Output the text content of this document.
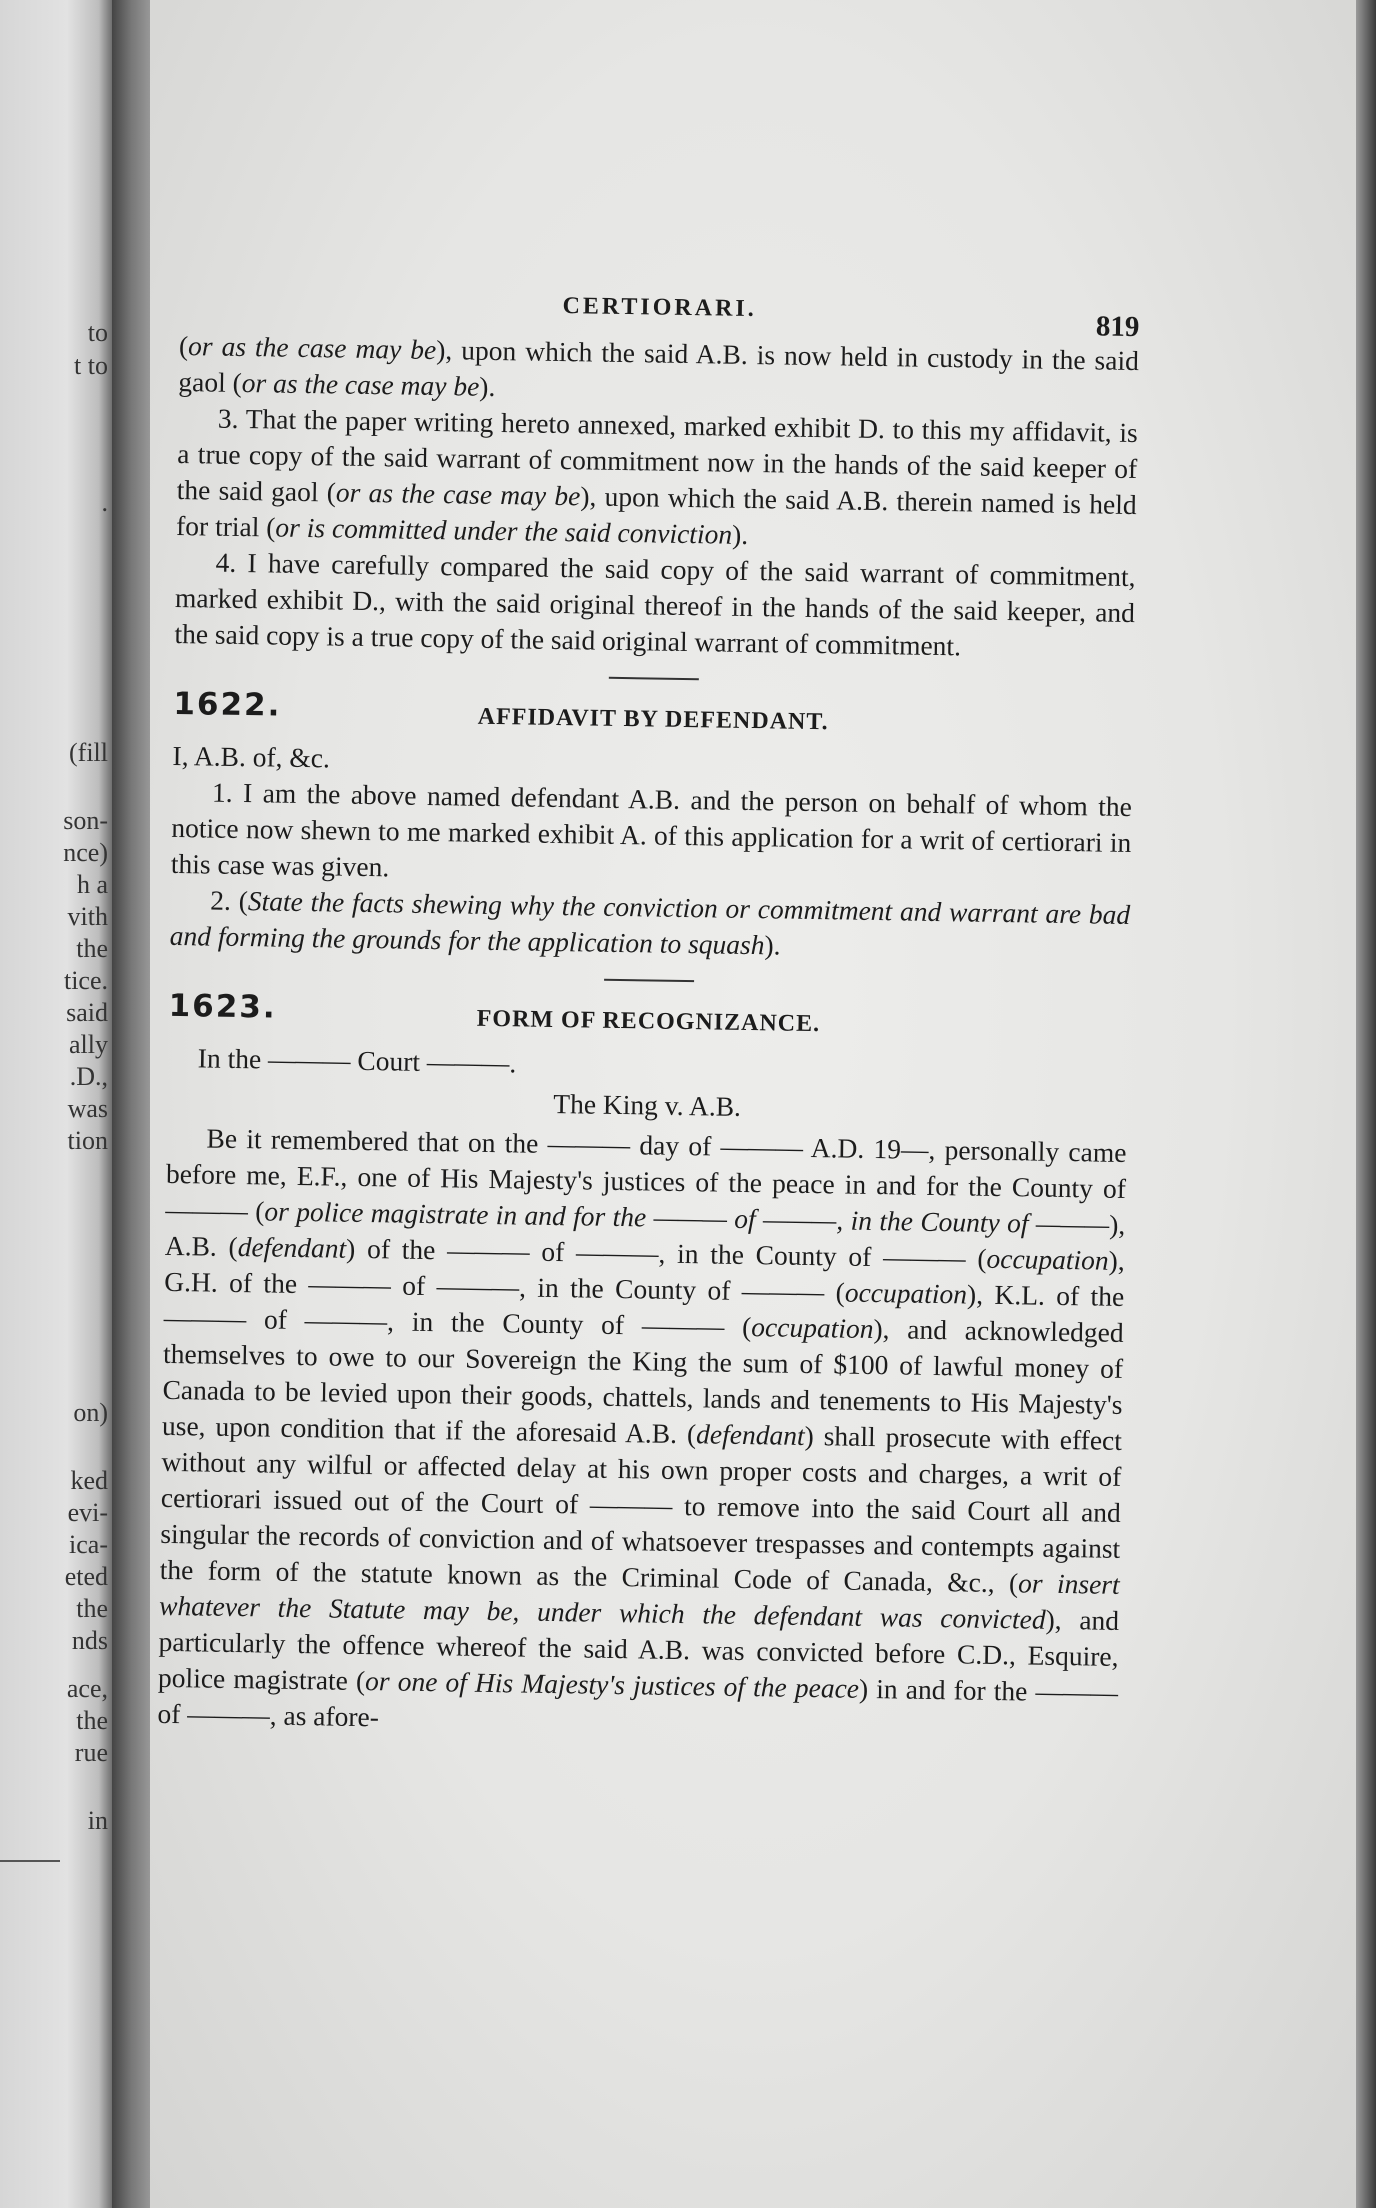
to
t to
.
(fill
son-
nce)
h a
vith
the
tice.
said
ally
.D.,
was
tion
on)
ked
evi-
ica-
eted
the
nds
ace,
the
rue
in
CERTIORARI.
819

(or as the case may be), upon which the said A.B. is now held in custody in the said gaol (or as the case may be).

3. That the paper writing hereto annexed, marked exhibit D. to this my affidavit, is a true copy of the said warrant of commitment now in the hands of the said keeper of the said gaol (or as the case may be), upon which the said A.B. therein named is held for trial (or is committed under the said conviction).

4. I have carefully compared the said copy of the said warrant of commitment, marked exhibit D., with the said original thereof in the hands of the said keeper, and the said copy is a true copy of the said original warrant of commitment.

1622.	AFFIDAVIT BY DEFENDANT.

I, A.B. of, &c.

1. I am the above named defendant A.B. and the person on behalf of whom the notice now shewn to me marked exhibit A. of this application for a writ of certiorari in this case was given.

2. (State the facts shewing why the conviction or commitment and warrant are bad and forming the grounds for the application to squash).

1623.	FORM OF RECOGNIZANCE.

In the ——— Court ———.

The King v. A.B.

Be it remembered that on the ——— day of ——— A.D. 19—, personally came before me, E.F., one of His Majesty's justices of the peace in and for the County of ——— (or police magistrate in and for the ——— of ———, in the County of ———), A.B. (defendant) of the ——— of ———, in the County of ——— (occupation), G.H. of the ——— of ———, in the County of ——— (occupation), K.L. of the ——— of ———, in the County of ——— (occupation), and acknowledged themselves to owe to our Sovereign the King the sum of $100 of lawful money of Canada to be levied upon their goods, chattels, lands and tenements to His Majesty's use, upon condition that if the aforesaid A.B. (defendant) shall prosecute with effect without any wilful or affected delay at his own proper costs and charges, a writ of certiorari issued out of the Court of ——— to remove into the said Court all and singular the records of conviction and of whatsoever trespasses and contempts against the form of the statute known as the Criminal Code of Canada, &c., (or insert whatever the Statute may be, under which the defendant was convicted), and particularly the offence whereof the said A.B. was convicted before C.D., Esquire, police magistrate (or one of His Majesty's justices of the peace) in and for the ——— of ———, as afore-
